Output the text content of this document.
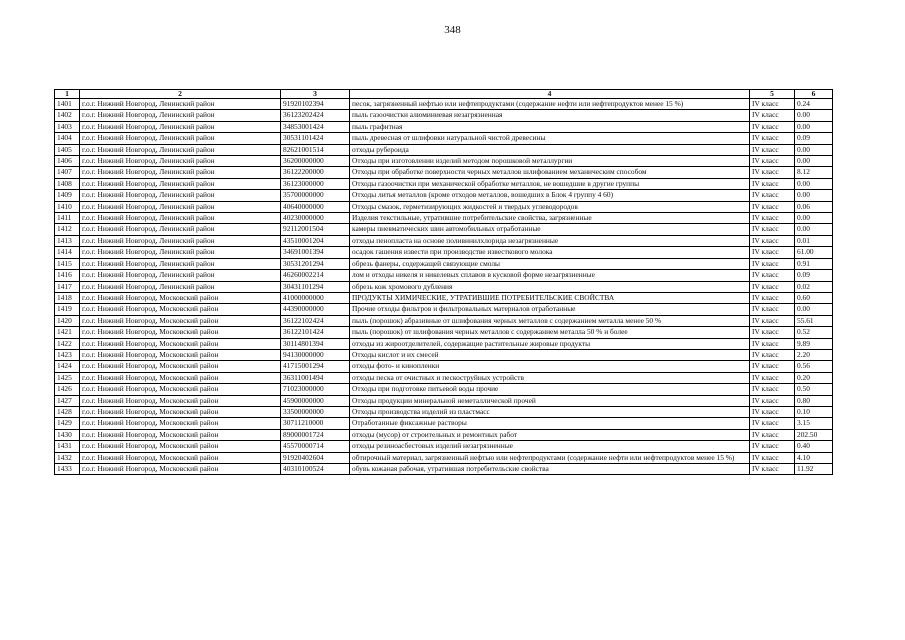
348
1	2	3	4	5	6
1401	г.о.г. Нижний Новгород, Ленинский район	91920102394	песок, загрязненный нефтью или нефтепродуктами (содержание нефти или нефтепродуктов менее 15 %)	IV класс	0.24
1402	г.о.г. Нижний Новгород, Ленинский район	36123202424	пыль газоочистки алюминиевая незагрязненная	IV класс	0.00
1403	г.о.г. Нижний Новгород, Ленинский район	34853001424	пыль графитная	IV класс	0.00
1404	г.о.г. Нижний Новгород, Ленинский район	30531101424	пыль древесная от шлифовки натуральной чистой древесины	IV класс	0.09
1405	г.о.г. Нижний Новгород, Ленинский район	82621001514	отходы рубероида	IV класс	0.00
1406	г.о.г. Нижний Новгород, Ленинский район	36200000000	Отходы при изготовлении изделий методом порошковой металлургии	IV класс	0.00
1407	г.о.г. Нижний Новгород, Ленинский район	36122200000	Отходы при обработке поверхности черных металлов шлифованием механическим способом	IV класс	8.12
1408	г.о.г. Нижний Новгород, Ленинский район	36123000000	Отходы газоочистки при механической обработке металлов, не вошедшие в другие группы	IV класс	0.00
1409	г.о.г. Нижний Новгород, Ленинский район	35700000000	Отходы литья металлов (кроме отходов металлов, вошедших в Блок 4 группу 4 60)	IV класс	0.00
1410	г.о.г. Нижний Новгород, Ленинский район	40640000000	Отходы смазок, герметизирующих жидкостей и твердых углеводородов	IV класс	0.06
1411	г.о.г. Нижний Новгород, Ленинский район	40230000000	Изделия текстильные, утратившие потребительские свойства, загрязненные	IV класс	0.00
1412	г.о.г. Нижний Новгород, Ленинский район	92112001504	камеры пневматических шин автомобильных отработанные	IV класс	0.00
1413	г.о.г. Нижний Новгород, Ленинский район	43510001204	отходы пенопласта на основе поливинилхлорида незагрязненные	IV класс	0.01
1414	г.о.г. Нижний Новгород, Ленинский район	34691001394	осадок гашения извести при производстве известкового молока	IV класс	61.00
1415	г.о.г. Нижний Новгород, Ленинский район	30531201294	обрезь фанеры, содержащей связующие смолы	IV класс	0.91
1416	г.о.г. Нижний Новгород, Ленинский район	46260002214	лом и отходы никеля и никелевых сплавов в кусковой форме незагрязненные	IV класс	0.09
1417	г.о.г. Нижний Новгород, Ленинский район	30431101294	обрезь кож хромового дубления	IV класс	0.02
1418	г.о.г. Нижний Новгород, Московский район	41000000000	ПРОДУКТЫ ХИМИЧЕСКИЕ, УТРАТИВШИЕ ПОТРЕБИТЕЛЬСКИЕ СВОЙСТВА	IV класс	0.60
1419	г.о.г. Нижний Новгород, Московский район	44390000000	Прочие отходы фильтров и фильтровальных материалов отработанные	IV класс	0.00
1420	г.о.г. Нижний Новгород, Московский район	36122102424	пыль (порошок) абразивные от шлифования черных металлов с содержанием металла менее 50 %	IV класс	55.61
1421	г.о.г. Нижний Новгород, Московский район	36122101424	пыль (порошок) от шлифования черных металлов с содержанием металла 50 % и более	IV класс	0.52
1422	г.о.г. Нижний Новгород, Московский район	30114801394	отходы из жироотделителей, содержащие растительные жировые продукты	IV класс	9.89
1423	г.о.г. Нижний Новгород, Московский район	94130000000	Отходы кислот и их смесей	IV класс	2.20
1424	г.о.г. Нижний Новгород, Московский район	41715001294	отходы фото- и кинопленки	IV класс	0.56
1425	г.о.г. Нижний Новгород, Московский район	36311001494	отходы песка от очистных и пескоструйных устройств	IV класс	0.20
1426	г.о.г. Нижний Новгород, Московский район	71023000000	Отходы при подготовке питьевой воды прочие	IV класс	0.50
1427	г.о.г. Нижний Новгород, Московский район	45900000000	Отходы продукции минеральной неметаллической прочей	IV класс	0.80
1428	г.о.г. Нижний Новгород, Московский район	33500000000	Отходы производства изделий из пластмасс	IV класс	0.10
1429	г.о.г. Нижний Новгород, Московский район	30711210000	Отработанные фиксажные растворы	IV класс	3.15
1430	г.о.г. Нижний Новгород, Московский район	89000001724	отходы (мусор) от строительных и ремонтных работ	IV класс	202.50
1431	г.о.г. Нижний Новгород, Московский район	45570000714	отходы резиноасбестовых изделий незагрязненные	IV класс	0.40
1432	г.о.г. Нижний Новгород, Московский район	91920402604	обтирочный материал, загрязненный нефтью или нефтепродуктами (содержание нефти или нефтепродуктов менее 15 %)	IV класс	4.10
1433	г.о.г. Нижний Новгород, Московский район	40310100524	обувь кожаная рабочая, утратившая потребительские свойства	IV класс	11.92
